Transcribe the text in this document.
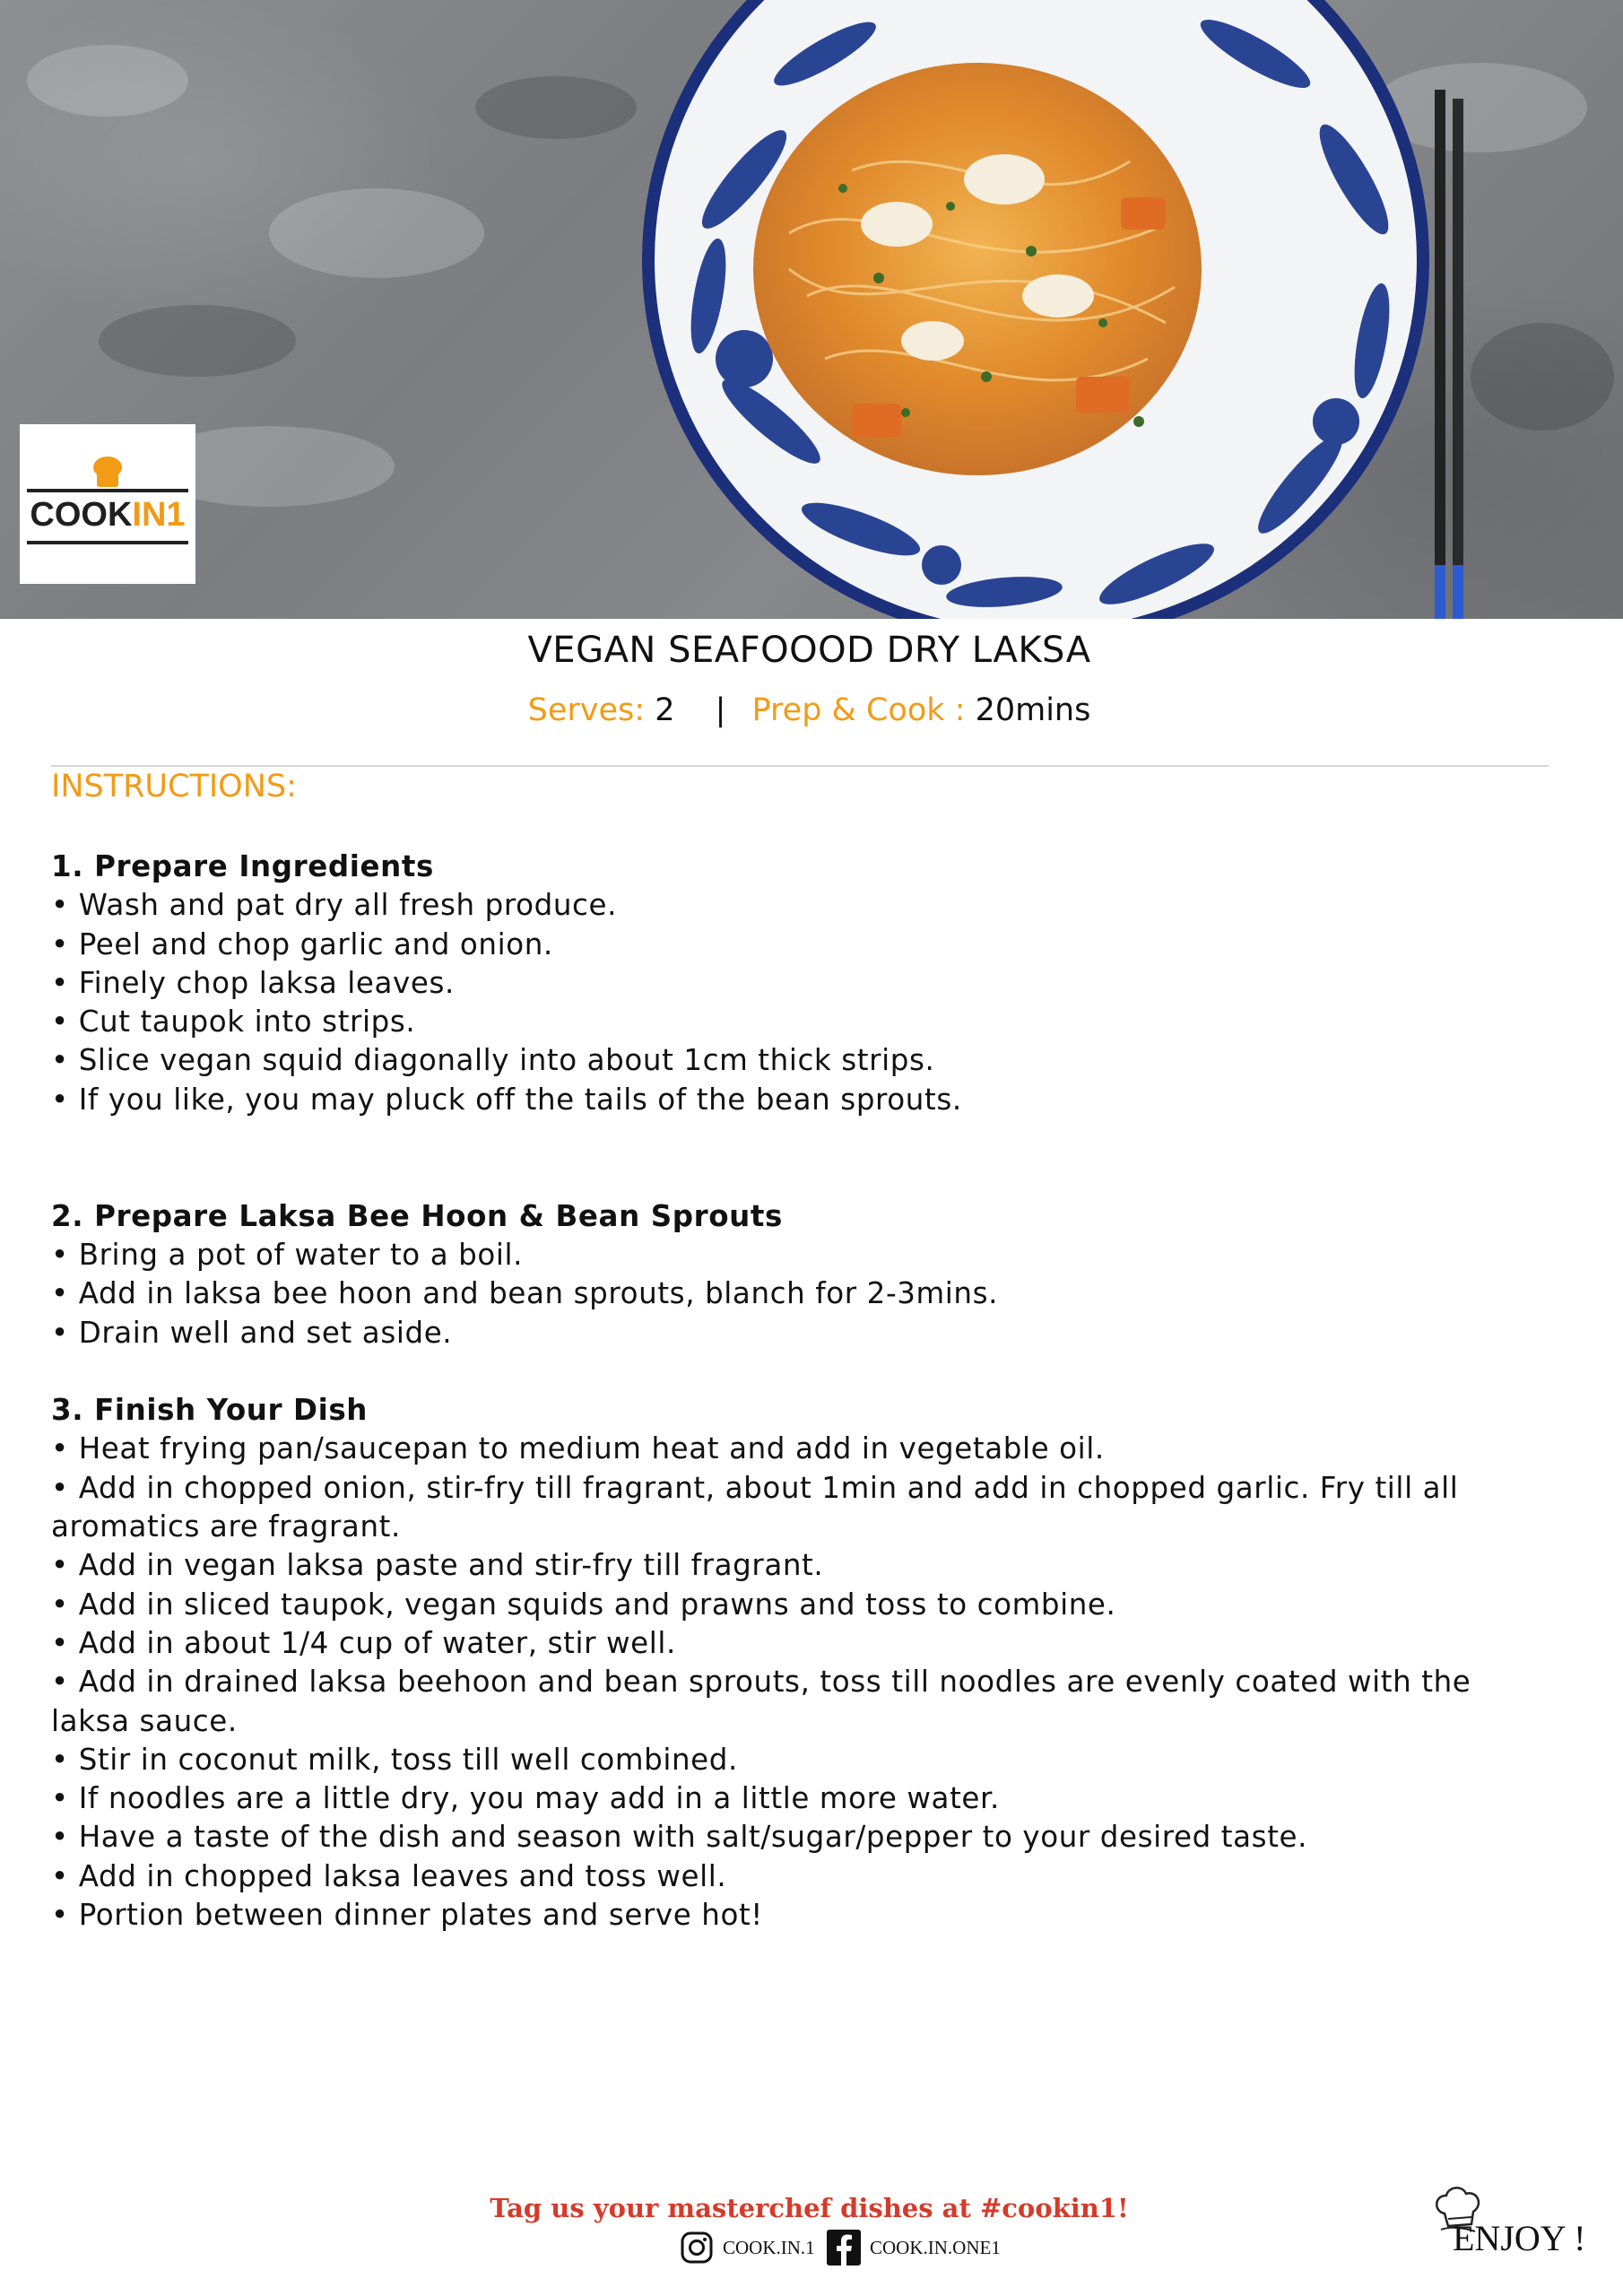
COOKIN1
VEGAN SEAFOOOD DRY LAKSA
Serves: 2 | Prep & Cook : 20mins
INSTRUCTIONS:
1. Prepare Ingredients
• Wash and pat dry all fresh produce.
• Peel and chop garlic and onion.
• Finely chop laksa leaves.
• Cut taupok into strips.
• Slice vegan squid diagonally into about 1cm thick strips.
• If you like, you may pluck off the tails of the bean sprouts.
2. Prepare Laksa Bee Hoon & Bean Sprouts
• Bring a pot of water to a boil.
• Add in laksa bee hoon and bean sprouts, blanch for 2-3mins.
• Drain well and set aside.
3. Finish Your Dish
• Heat frying pan/saucepan to medium heat and add in vegetable oil.
• Add in chopped onion, stir-fry till fragrant, about 1min and add in chopped garlic. Fry till all aromatics are fragrant.
• Add in vegan laksa paste and stir-fry till fragrant.
• Add in sliced taupok, vegan squids and prawns and toss to combine.
• Add in about 1/4 cup of water, stir well.
• Add in drained laksa beehoon and bean sprouts, toss till noodles are evenly coated with the laksa sauce.
• Stir in coconut milk, toss till well combined.
• If noodles are a little dry, you may add in a little more water.
• Have a taste of the dish and season with salt/sugar/pepper to your desired taste.
• Add in chopped laksa leaves and toss well.
• Portion between dinner plates and serve hot!
Tag us your masterchef dishes at #cookin1!
COOK.IN.1	COOK.IN.ONE1	ENJOY !
